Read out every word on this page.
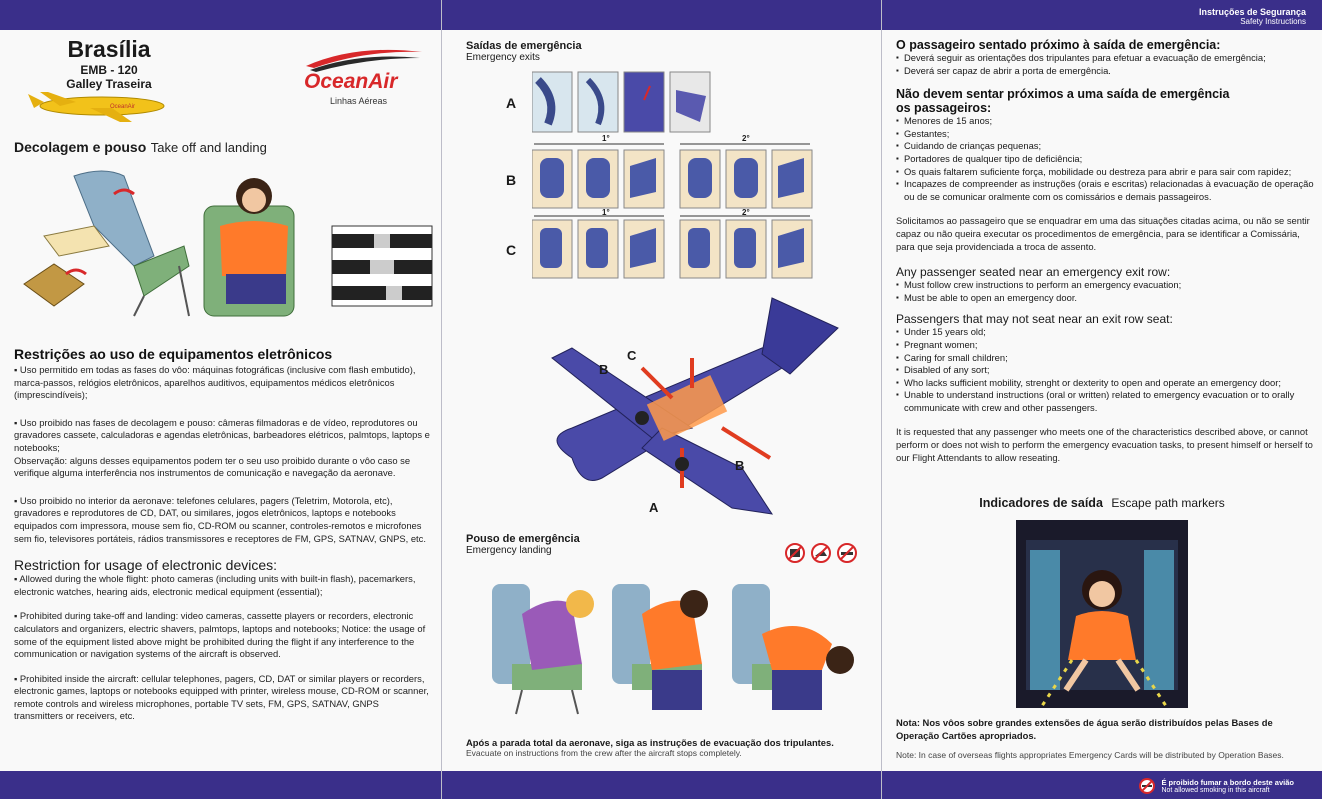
Brasília
EMB - 120
Galley Traseira
OceanAir
OceanAir
Linhas Aéreas
Decolagem e pouso Take off and landing
Restrições ao uso de equipamentos eletrônicos

▪ Uso permitido em todas as fases do vôo: máquinas fotográficas (inclusive com flash embutido), marca-passos, relógios eletrônicos, aparelhos auditivos, equipamentos médicos eletrônicos (imprescindíveis);

▪ Uso proibido nas fases de decolagem e pouso: câmeras filmadoras e de vídeo, reprodutores ou gravadores cassete, calculadoras e agendas eletrônicas, barbeadores elétricos, palmtops, laptops e notebooks;

Observação: alguns desses equipamentos podem ter o seu uso proibido durante o vôo caso se verifique alguma interferência nos instrumentos de comunicação e navegação da aeronave.

▪ Uso proibido no interior da aeronave: telefones celulares, pagers (Teletrim, Motorola, etc), gravadores e reprodutores de CD, DAT, ou similares, jogos eletrônicos, laptops e notebooks equipados com impressora, mouse sem fio, CD-ROM ou scanner, controles-remotos e microfones sem fio, televisores portáteis, rádios transmissores e receptores de FM, GPS, SATNAV, GNPS, etc.

Restriction for usage of electronic devices:

▪ Allowed during the whole flight: photo cameras (including units with built-in flash), pacemarkers, electronic watches, hearing aids, electronic medical equipment (essential);

▪ Prohibited during take-off and landing: video cameras, cassette players or recorders, electronic calculators and organizers, electric shavers, palmtops, laptops and notebooks; Notice: the usage of some of the equipment listed above might be prohibited during the flight if any interference to the communication or navigation systems of the aircraft is observed.

▪ Prohibited inside the aircraft: cellular telephones, pagers, CD, DAT or similar players or recorders, electronic games, laptops or notebooks equipped with printer, wireless mouse, CD-ROM or scanner, remote controls and wireless microphones, portable TV sets, FM, GPS, SATNAV, GNPS transmitters or receivers, etc.

Saídas de emergência
Emergency exits
A
B
C
1°	2°
1°	2°
B
C
B
A
Pouso de emergência
Emergency landing
Após a parada total da aeronave, siga as instruções de evacuação dos tripulantes.
Evacuate on instructions from the crew after the aircraft stops completely.
Instruções de Segurança
Safety Instructions
O passageiro sentado próximo à saída de emergência:
▪ Deverá seguir as orientações dos tripulantes para efetuar a evacuação de emergência;
▪ Deverá ser capaz de abrir a porta de emergência.
Não devem sentar próximos a uma saída de emergência
os passageiros:
▪ Menores de 15 anos;
▪ Gestantes;
▪ Cuidando de crianças pequenas;
▪ Portadores de qualquer tipo de deficiência;
▪ Os quais faltarem suficiente força, mobilidade ou destreza para abrir e para sair com rapidez;
▪ Incapazes de compreender as instruções (orais e escritas) relacionadas à evacuação de operação ou de se comunicar oralmente com os comissários e demais passageiros.

Solicitamos ao passageiro que se enquadrar em uma das situações citadas acima, ou não se sentir capaz ou não queira executar os procedimentos de emergência, para se identificar a Comissária, para que seja providenciada a troca de assento.

Any passenger seated near an emergency exit row:
▪ Must follow crew instructions to perform an emergency evacuation;
▪ Must be able to open an emergency door.
Passengers that may not seat near an exit row seat:
▪ Under 15 years old;
▪ Pregnant women;
▪ Caring for small children;
▪ Disabled of any sort;
▪ Who lacks sufficient mobility, strenght or dexterity to open and operate an emergency door;
▪ Unable to understand instructions (oral or written) related to emergency evacuation or to orally communicate with crew and other passengers.

It is requested that any passenger who meets one of the characteristics described above, or cannot perform or does not wish to perform the emergency evacuation tasks, to present himself or herself to our Flight Attendants to allow reseating.

Indicadores de saída Escape path markers
Nota: Nos vôos sobre grandes extensões de água serão distribuídos pelas Bases de Operação Cartões apropriados.
Note: In case of overseas flights appropriates Emergency Cards will be distributed by Operation Bases.
É proibido fumar a bordo deste avião
Not allowed smoking in this aircraft
